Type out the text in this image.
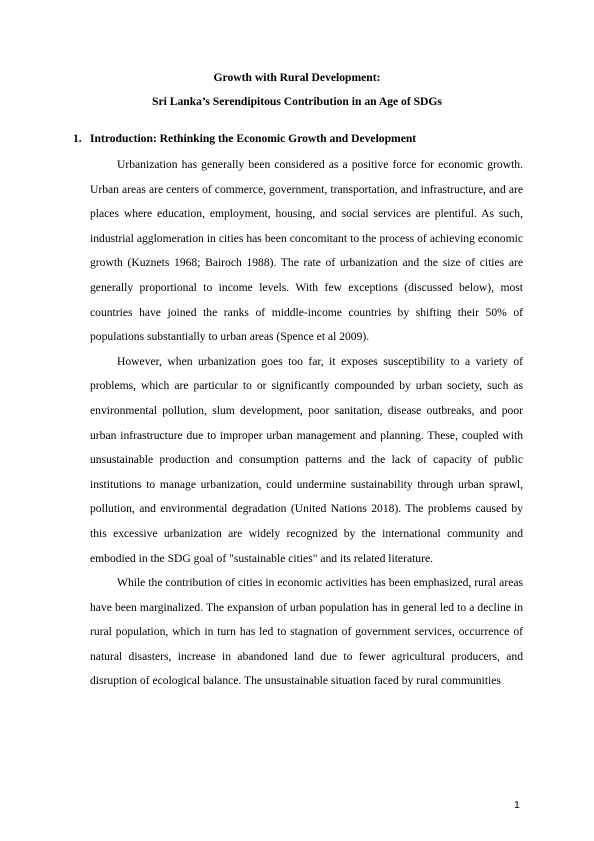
Growth with Rural Development:

Sri Lanka’s Serendipitous Contribution in an Age of SDGs

1. Introduction: Rethinking the Economic Growth and Development

Urbanization has generally been considered as a positive force for economic growth. Urban areas are centers of commerce, government, transportation, and infrastructure, and are places where education, employment, housing, and social services are plentiful. As such, industrial agglomeration in cities has been concomitant to the process of achieving economic growth (Kuznets 1968; Bairoch 1988). The rate of urbanization and the size of cities are generally proportional to income levels. With few exceptions (discussed below), most countries have joined the ranks of middle-income countries by shifting their 50% of populations substantially to urban areas (Spence et al 2009).

However, when urbanization goes too far, it exposes susceptibility to a variety of problems, which are particular to or significantly compounded by urban society, such as environmental pollution, slum development, poor sanitation, disease outbreaks, and poor urban infrastructure due to improper urban management and planning. These, coupled with unsustainable production and consumption patterns and the lack of capacity of public institutions to manage urbanization, could undermine sustainability through urban sprawl, pollution, and environmental degradation (United Nations 2018). The problems caused by this excessive urbanization are widely recognized by the international community and embodied in the SDG goal of "sustainable cities" and its related literature.

While the contribution of cities in economic activities has been emphasized, rural areas have been marginalized. The expansion of urban population has in general led to a decline in rural population, which in turn has led to stagnation of government services, occurrence of natural disasters, increase in abandoned land due to fewer agricultural producers, and disruption of ecological balance. The unsustainable situation faced by rural communities

1
